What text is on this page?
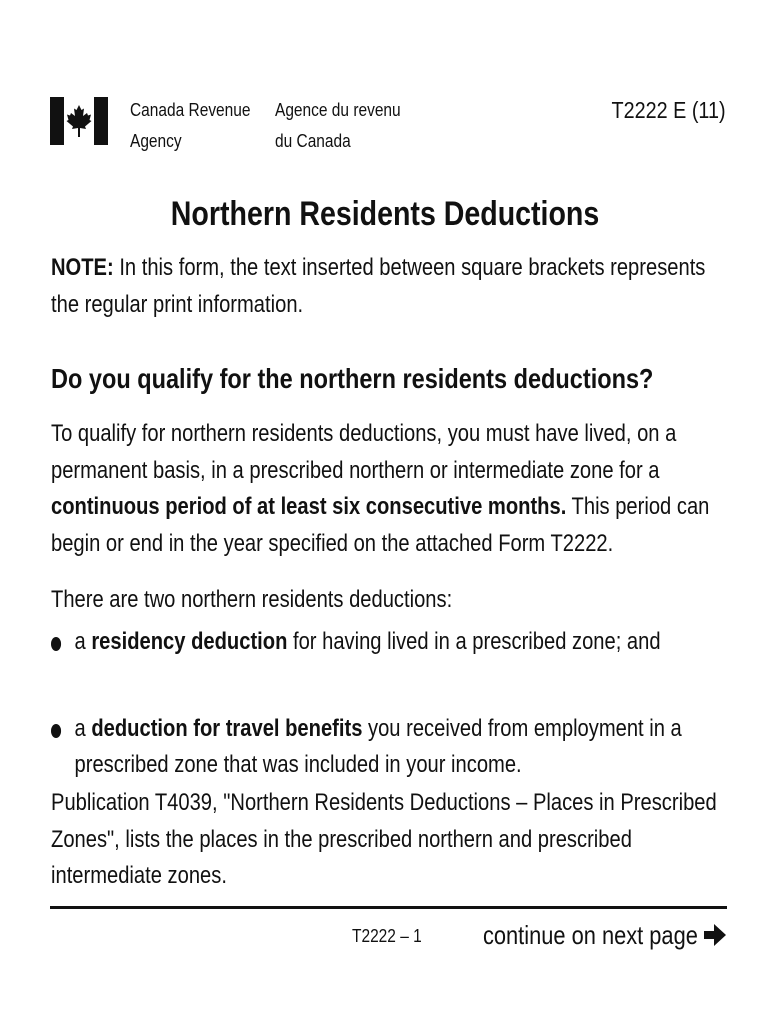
Canada Revenue
Agency
Agence du revenu
du Canada
T2222 E (11)
Northern Residents Deductions
NOTE: In this form, the text inserted between square brackets represents the regular print information.
Do you qualify for the northern residents deductions?
To qualify for northern residents deductions, you must have lived, on a permanent basis, in a prescribed northern or intermediate zone for a continuous period of at least six consecutive months. This period can begin or end in the year specified on the attached Form T2222.
There are two northern residents deductions:
a residency deduction for having lived in a prescribed zone; and
a deduction for travel benefits you received from employment in a prescribed zone that was included in your income.
Publication T4039, "Northern Residents Deductions – Places in Prescribed Zones", lists the places in the prescribed northern and prescribed intermediate zones.
T2222 – 1 continue on next page
